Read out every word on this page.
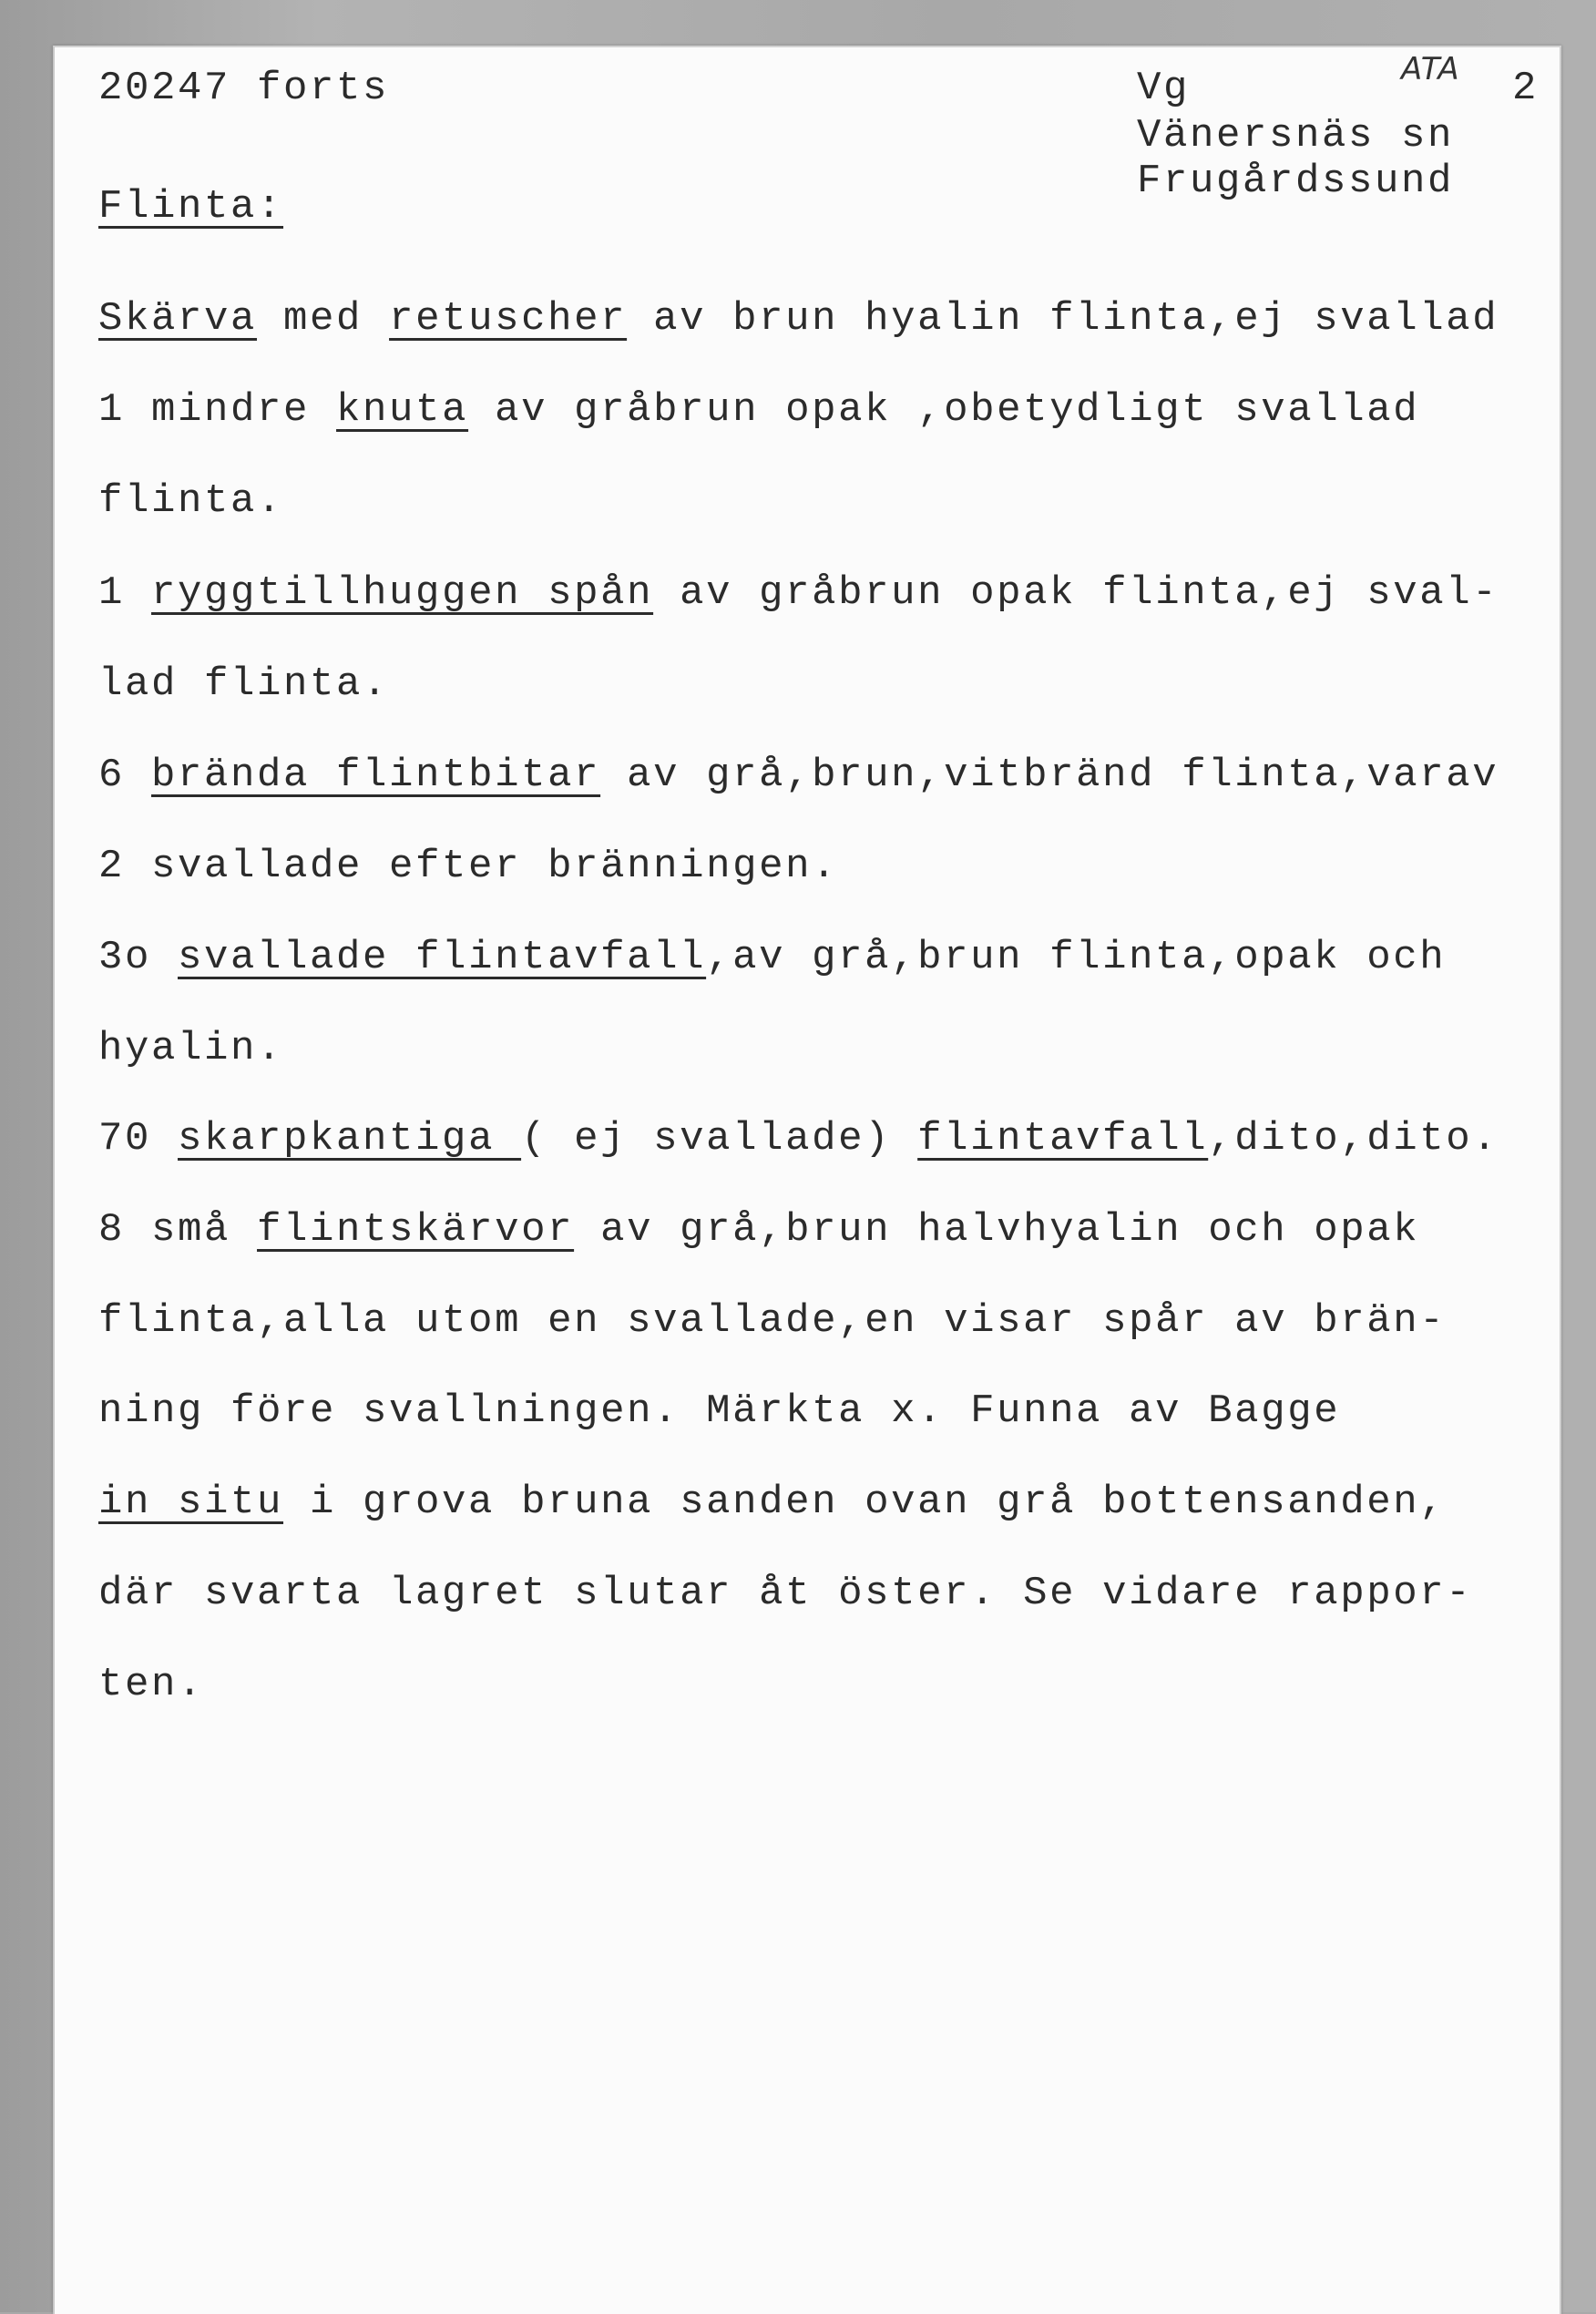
20247 forts	Vg	ATA 2
Vänersnäs sn
Frugårdssund
Flinta:
Skärva med retuscher av brun hyalin flinta,ej svallad
1 mindre knuta av gråbrun opak ,obetydligt svallad
flinta.
1 ryggtillhuggen spån av gråbrun opak flinta,ej sval-
lad flinta.
6 brända flintbitar av grå,brun,vitbränd flinta,varav
2 svallade efter bränningen.
3o svallade flintavfall,av grå,brun flinta,opak och
hyalin.
70 skarpkantiga ( ej svallade) flintavfall,dito,dito.
8 små flintskärvor av grå,brun halvhyalin och opak
flinta,alla utom en svallade,en visar spår av brän-
ning före svallningen. Märkta x. Funna av Bagge
in situ i grova bruna sanden ovan grå bottensanden,
där svarta lagret slutar åt öster. Se vidare rappor-
ten.
